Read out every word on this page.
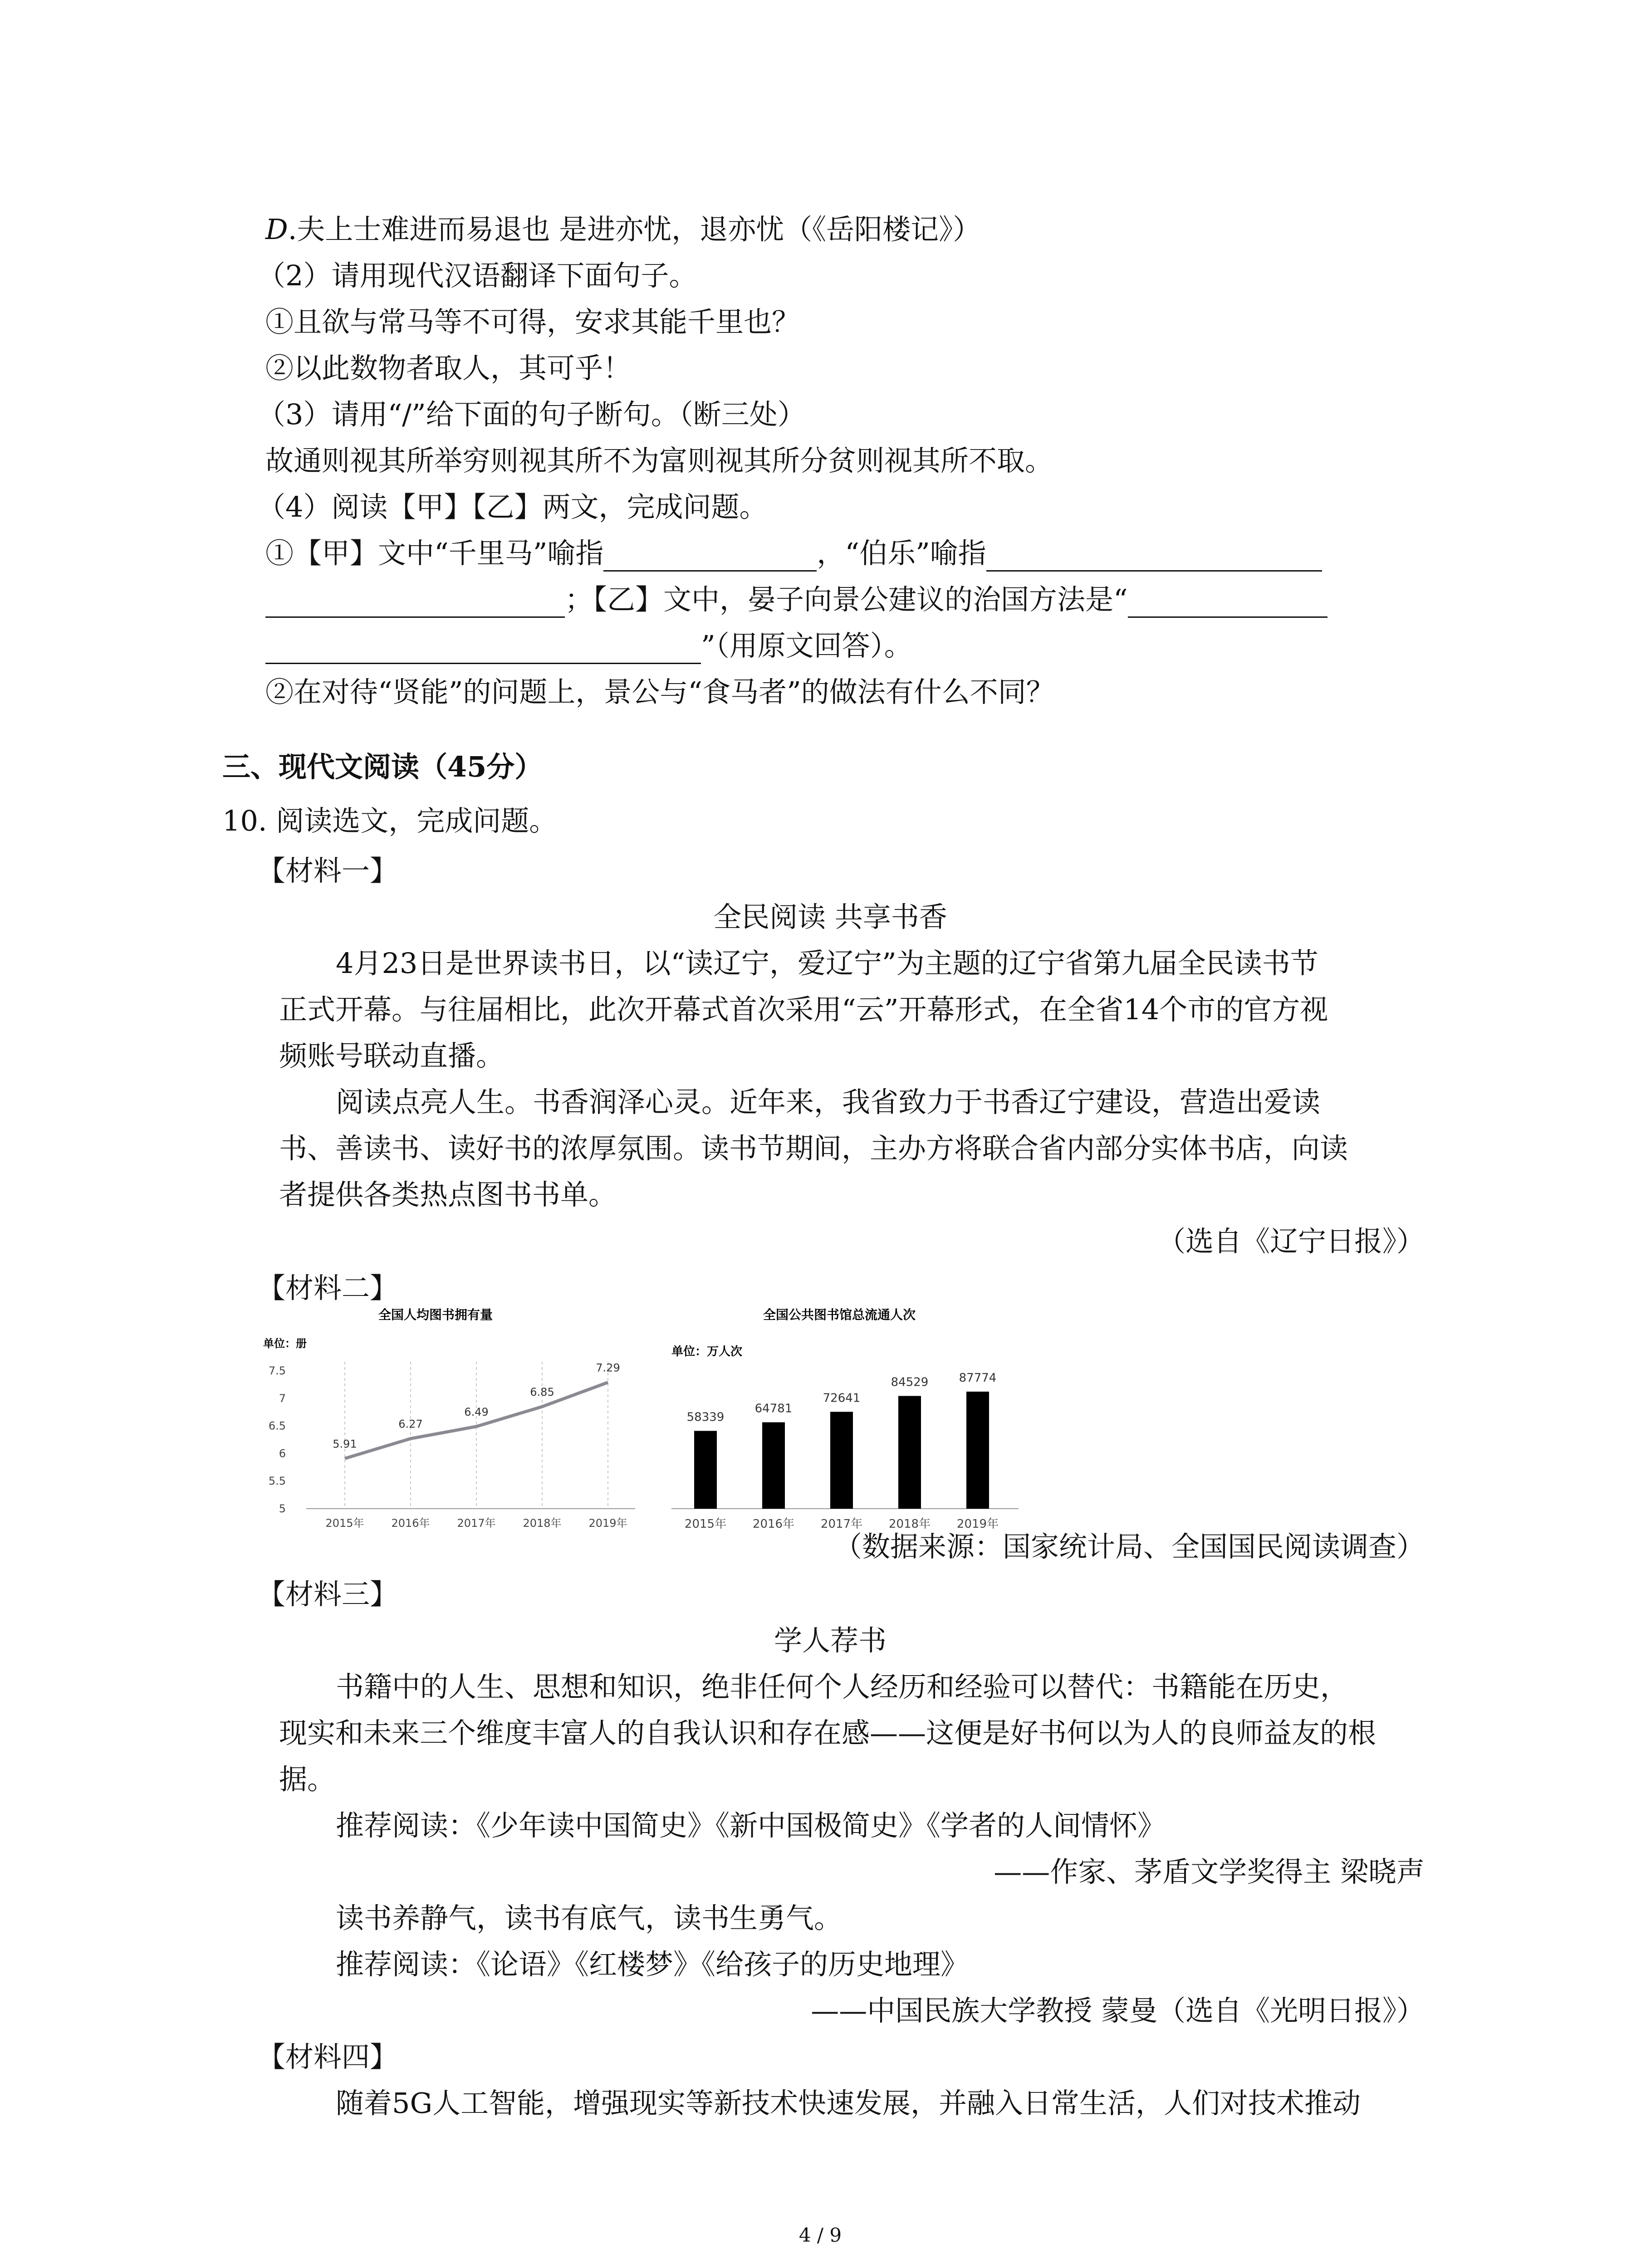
D.夫上士难进而易退也 是进亦忧，退亦忧（《岳阳楼记》）
（2）请用现代汉语翻译下面句子。
①且欲与常马等不可得，安求其能千里也？
②以此数物者取人，其可乎！
（3）请用“/”给下面的句子断句。（断三处）
故通则视其所举穷则视其所不为富则视其所分贫则视其所不取。
（4）阅读【甲】【乙】两文，完成问题。
①【甲】文中“千里马”喻指	，“伯乐”喻指
；【乙】文中，晏子向景公建议的治国方法是“
”（用原文回答）。
②在对待“贤能”的问题上，景公与“食马者”的做法有什么不同？
三、现代文阅读（45分）
10. 阅读选文，完成问题。
【材料一】
全民阅读 共享书香
4月23日是世界读书日，以“读辽宁，爱辽宁”为主题的辽宁省第九届全民读书节
正式开幕。与往届相比，此次开幕式首次采用“云”开幕形式，在全省14个市的官方视
频账号联动直播。
阅读点亮人生。书香润泽心灵。近年来，我省致力于书香辽宁建设，营造出爱读
书、善读书、读好书的浓厚氛围。读书节期间，主办方将联合省内部分实体书店，向读
者提供各类热点图书书单。
（选自《辽宁日报》）
【材料二】
全国人均图书拥有量
单位：册
5
5.5
6
6.5
7
7.5
5.91
6.27
6.49
6.85
7.29
2015年 2016年 2017年 2018年 2019年
全国公共图书馆总流通人次
单位：万人次
58339
64781
72641
84529	87774
2015年 2016年 2017年 2018年 2019年
（数据来源：国家统计局、全国国民阅读调查）
【材料三】
学人荐书
书籍中的人生、思想和知识，绝非任何个人经历和经验可以替代：书籍能在历史，
现实和未来三个维度丰富人的自我认识和存在感——这便是好书何以为人的良师益友的根
据。
推荐阅读：《少年读中国简史》《新中国极简史》《学者的人间情怀》
——作家、茅盾文学奖得主 梁晓声
读书养静气，读书有底气，读书生勇气。
推荐阅读：《论语》《红楼梦》《给孩子的历史地理》
——中国民族大学教授 蒙曼（选自《光明日报》）
【材料四】
随着5G人工智能，增强现实等新技术快速发展，并融入日常生活，人们对技术推动
4 / 9
